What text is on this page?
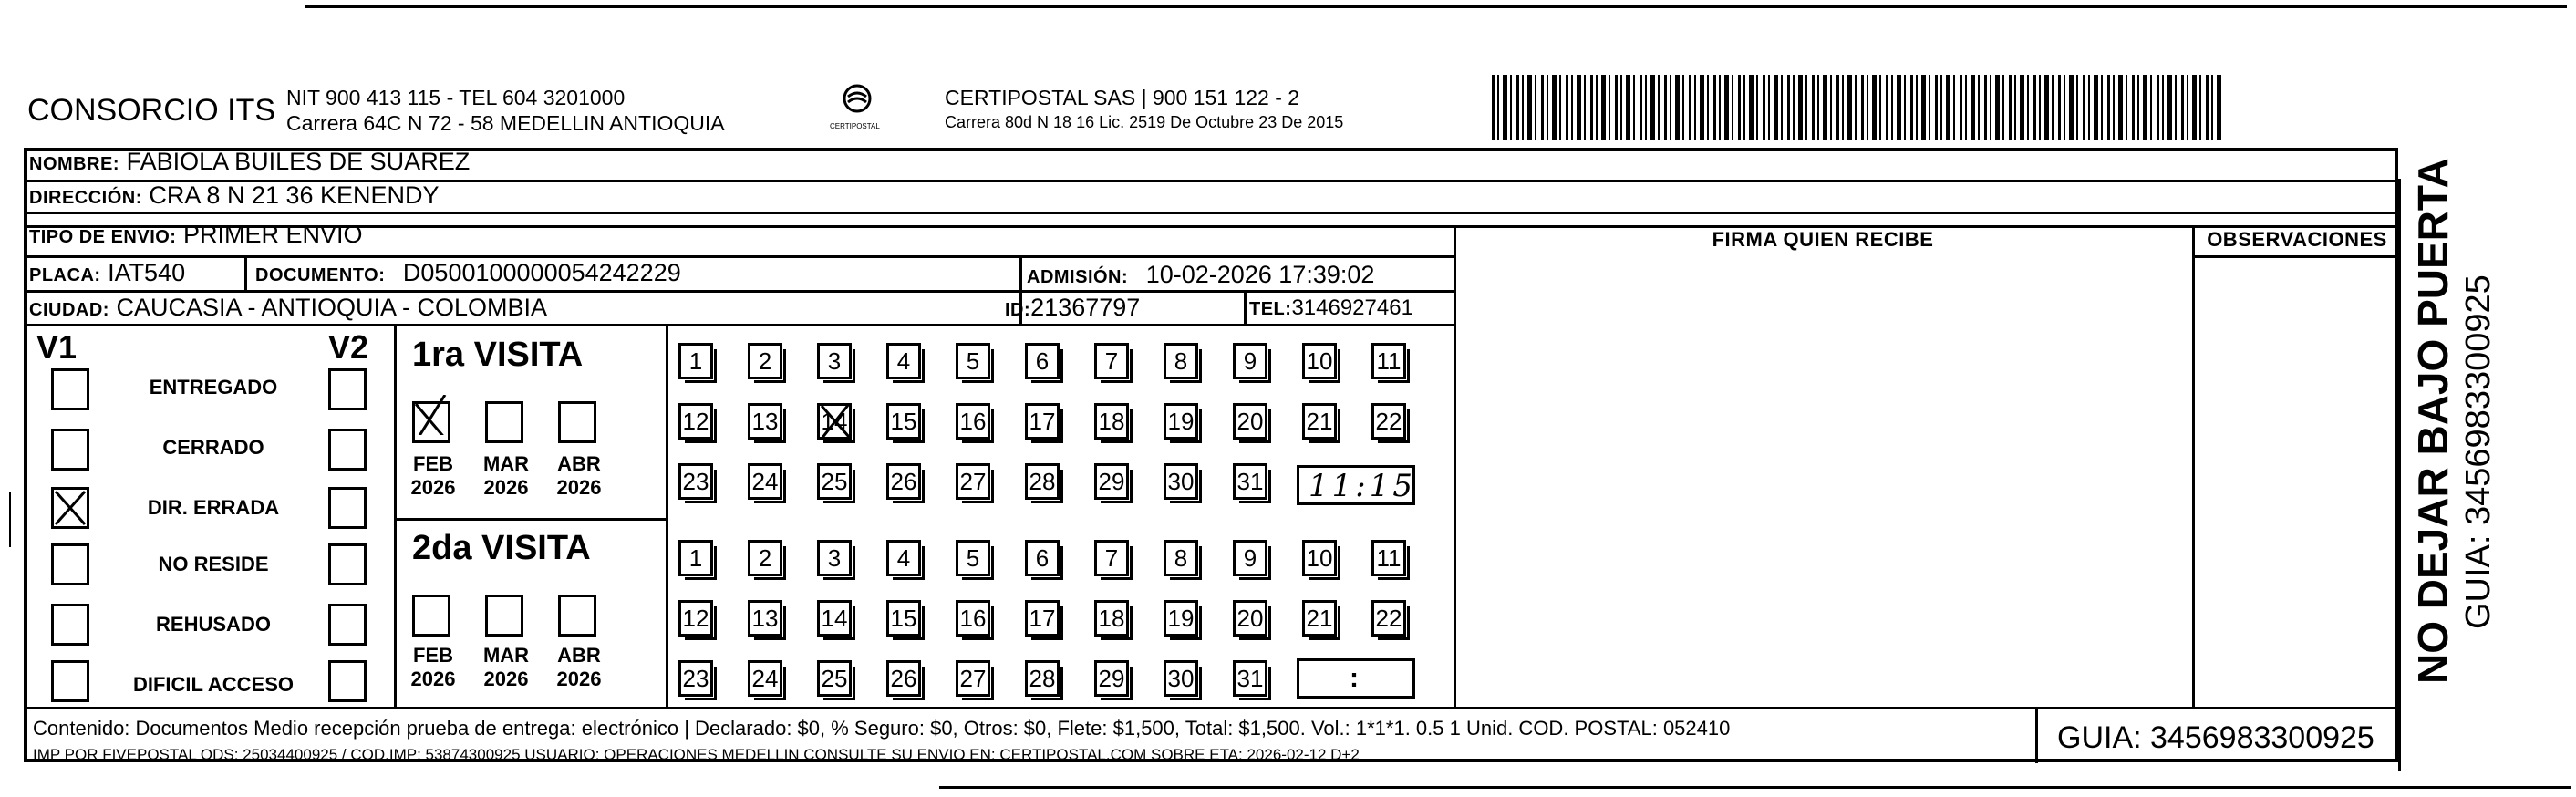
CONSORCIO ITS NIT 900 413 115 - TEL 604 3201000
Carrera 64C N 72 - 58 MEDELLIN ANTIOQUIA	CERTIPOSTAL
CERTIPOSTAL SAS | 900 151 122 - 2
Carrera 80d N 18 16 Lic. 2519 De Octubre 23 De 2015
NOMBRE: FABIOLA BUILES DE SUAREZ
DIRECCIÓN: CRA 8 N 21 36 KENENDY
TIPO DE ENVIO: PRIMER ENVIO
PLACA: IAT540	DOCUMENTO: D0500100000054242229	ADMISIÓN: 10-02-2026 17:39:02
CIUDAD: CAUCASIA - ANTIOQUIA - COLOMBIA	ID:21367797	TEL:3146927461
FIRMA QUIEN RECIBE	OBSERVACIONES
V1	V2
ENTREGADO
CERRADO
DIR. ERRADA
NO RESIDE
REHUSADO
DIFICIL ACCESO
1ra VISITA
FEB
2026
MAR
2026
ABR
2026
2da VISITA
FEB
2026
MAR
2026
ABR
2026
1	2	3	4	5	6	7	8	9	10 11
12 13 14 15 16 17 18 19 20 21 22
23 24 25 26 27 28 29 30 31
1	2	3	4	5	6	7	8	9	10 11
12 13 14 15 16 17 18 19 20 21 22
23 24 25 26 27 28 29 30 31
11:15
:
Contenido: Documentos Medio recepción prueba de entrega: electrónico | Declarado: $0, % Seguro: $0, Otros: $0, Flete: $1,500, Total: $1,500. Vol.: 1*1*1. 0.5 1 Unid. COD. POSTAL: 052410
IMP POR FIVEPOSTAL ODS: 25034400925 / COD.IMP: 53874300925 USUARIO: OPERACIONES MEDELLIN CONSULTE SU ENVIO EN: CERTIPOSTAL.COM SOBRE ETA: 2026-02-12 D+2	GUIA: 3456983300925
NO DEJAR BAJO PUERTA GUIA: 3456983300925
